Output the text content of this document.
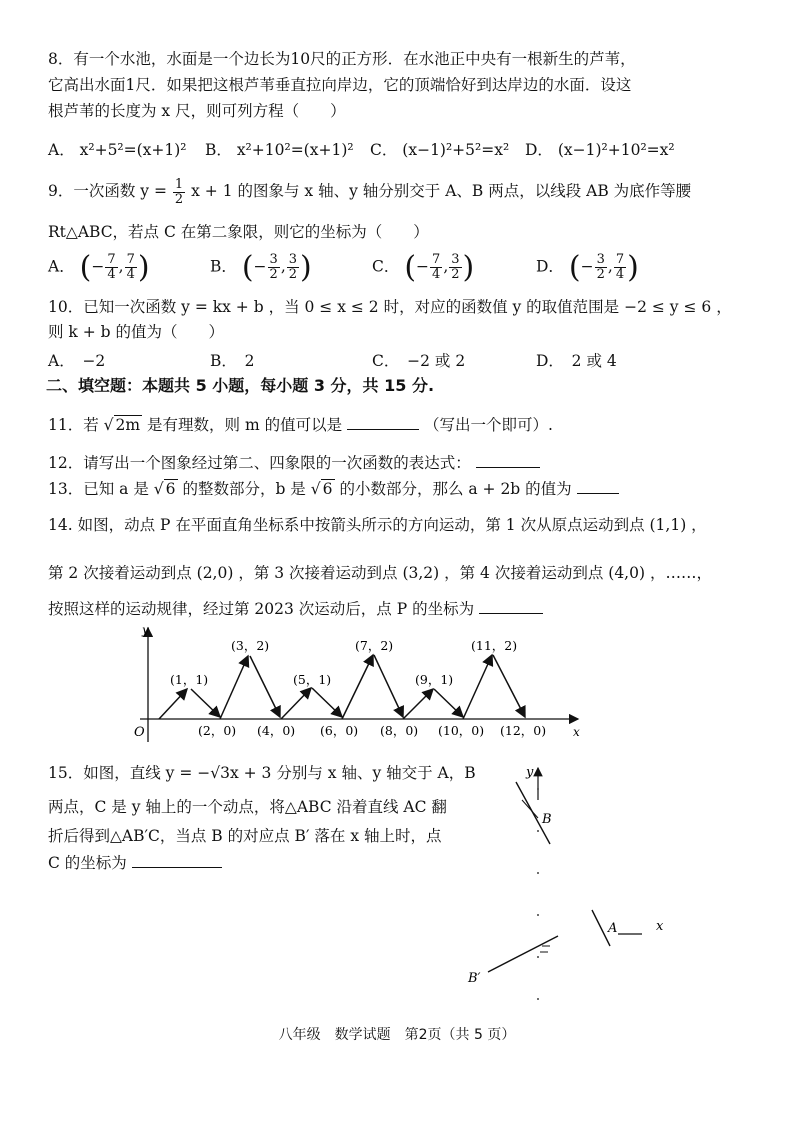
8．有一个水池，水面是一个边长为10尺的正方形．在水池正中央有一根新生的芦苇，
它高出水面1尺．如果把这根芦苇垂直拉向岸边，它的顶端恰好到达岸边的水面．设这
根芦苇的长度为 x 尺，则可列方程（　　）
A． x²+5²=(x+1)² B． x²+10²=(x+1)² C． (x−1)²+5²=x² D． (x−1)²+10²=x²
9．一次函数 $y = \frac{1}{2}$ x + 1 的图象与 x 轴、y 轴分别交于 A、B 两点，以线段 AB 为底作等腰
Rt△ABC，若点 C 在第二象限，则它的坐标为（　　）
A． (− $\frac{7}{4}$ , $\frac{7}{4}$ )	B． (− $\frac{3}{2}$ , $\frac{3}{2}$ )	C． (− $\frac{7}{4}$ , $\frac{3}{2}$ )	D． (− $\frac{3}{2}$ , $\frac{7}{4}$ )
10．已知一次函数 y = kx + b ，当 0 ≤ x ≤ 2 时，对应的函数值 y 的取值范围是 −2 ≤ y ≤ 6 ，
则 k + b 的值为（　　）
A．　−2	B．　2	C．　−2 或 2	D．　2 或 4
二、填空题：本题共 5 小题，每小题 3 分，共 15 分.
11．若 √ 2m 是有理数，则 m 的值可以是	（写出一个即可）.
12．请写出一个图象经过第二、四象限的一次函数的表达式：
13．已知 a 是 √ 6 的整数部分，b 是 √ 6 的小数部分，那么 a + 2b 的值为
14. 如图，动点 P 在平面直角坐标系中按箭头所示的方向运动，第 1 次从原点运动到点 (1,1) ，
第 2 次接着运动到点 (2,0) ，第 3 次接着运动到点 (3,2) ，第 4 次接着运动到点 (4,0) ，……，
按照这样的运动规律，经过第 2023 次运动后，点 P 的坐标为
y
x
O
(1，1)
(3，2)
(5，1)
(7，2)
(9，1)
(11，2)
(2，0) (4，0) (6，0) (8，0) (10，0) (12，0)
15．如图，直线 y = −√3x + 3 分别与 x 轴、y 轴交于 A，B
两点，C 是 y 轴上的一个动点，将△ABC 沿着直线 AC 翻
折后得到△AB′C，当点 B 的对应点 B′ 落在 x 轴上时，点
C 的坐标为
y
B
A	x
B′
八年级　数学试题　第2页（共 5 页）
